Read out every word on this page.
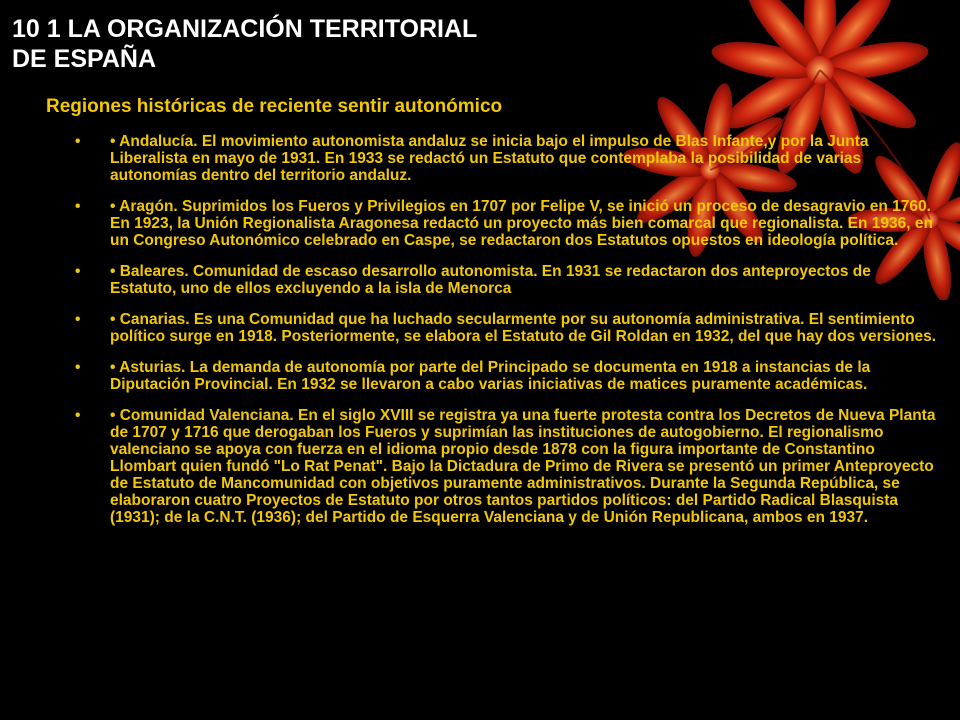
10 1 LA ORGANIZACIÓN TERRITORIAL
DE ESPAÑA
Regiones históricas de reciente sentir autonómico
• • Andalucía. El movimiento autonomista andaluz se inicia bajo el impulso de Blas Infante,y por la Junta Liberalista en mayo de 1931. En 1933 se redactó un Estatuto que contemplaba la posibilidad de varias autonomías dentro del territorio andaluz.
• • Aragón. Suprimidos los Fueros y Privilegios en 1707 por Felipe V, se inició un proceso de desagravio en 1760. En 1923, la Unión Regionalista Aragonesa redactó un proyecto más bien comarcal que regionalista. En 1936, en un Congreso Autonómico celebrado en Caspe, se redactaron dos Estatutos opuestos en ideología política.
• • Baleares. Comunidad de escaso desarrollo autonomista. En 1931 se redactaron dos anteproyectos de Estatuto, uno de ellos excluyendo a la isla de Menorca
• • Canarias. Es una Comunidad que ha luchado secularmente por su autonomía administrativa. El sentimiento político surge en 1918. Posteriormente, se elabora el Estatuto de Gil Roldan en 1932, del que hay dos versiones.
• • Asturias. La demanda de autonomía por parte del Principado se documenta en 1918 a instancias de la Diputación Provincial. En 1932 se llevaron a cabo varias iniciativas de matices puramente académicas.
• • Comunidad Valenciana. En el siglo XVIII se registra ya una fuerte protesta contra los Decretos de Nueva Planta de 1707 y 1716 que derogaban los Fueros y suprimían las instituciones de autogobierno. El regionalismo valenciano se apoya con fuerza en el idioma propio desde 1878 con la figura importante de Constantino Llombart quien fundó "Lo Rat Penat". Bajo la Dictadura de Primo de Rivera se presentó un primer Anteproyecto de Estatuto de Mancomunidad con objetivos puramente administrativos. Durante la Segunda República, se elaboraron cuatro Proyectos de Estatuto por otros tantos partidos políticos: del Partido Radical Blasquista (1931); de la C.N.T. (1936); del Partido de Esquerra Valenciana y de Unión Republicana, ambos en 1937.
